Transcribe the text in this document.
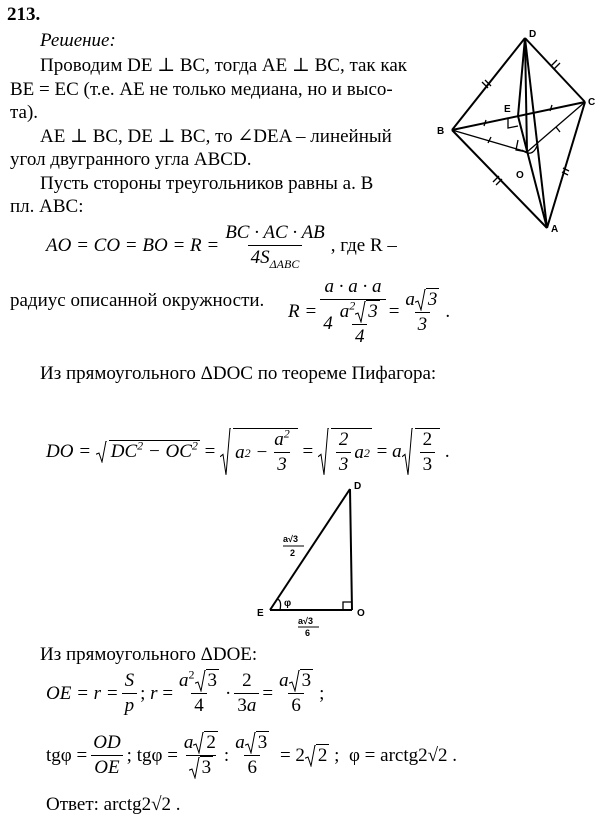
213.
Решение:
Проводим DE ⊥ BC, тогда AE ⊥ BC, так как
BE = EC (т.е. AE не только медиана, но и высо-
та).
AE ⊥ BC, DE ⊥ BC, то ∠DEA – линейный
угол двугранного угла ABCD.
Пусть стороны треугольников равны a. В
пл. ABC:
AO = CO = BO = $R = \frac{BC \cdot AC \cdot AB}{4S_{\Delta ABC}}$ , где R –
радиус описанной окружности.
$R = \frac{a \cdot a \cdot a}{4 \frac{a^2 3}{4}} = \frac{a 3}{3}$ .
Из прямоугольного ΔDOC по теореме Пифагора:
DO =
	$DC^2 - OC^2 = a$ $2 - \frac{a^2}{3} = \frac{2}{3}$ a 2 = a $\frac{2}{3}$ .
Из прямоугольного ΔDOE:
OE = $r = \frac{S}{p}$ ; $r = \frac{a^2 3}{4} \cdot \frac{2}{3a} = \frac{a 3}{6}$ ;
$tg\varphi = \frac{OD}{OE}$ ; $tg\varphi = \frac{a 2}{3}$ : $\frac{a 3}{6} = 2$ 2 ; φ = arctg2√2 .
Ответ: arctg2√2 .
D
C
B
E
O
A
D
E	O
φ
a√3
2
a√3
6
